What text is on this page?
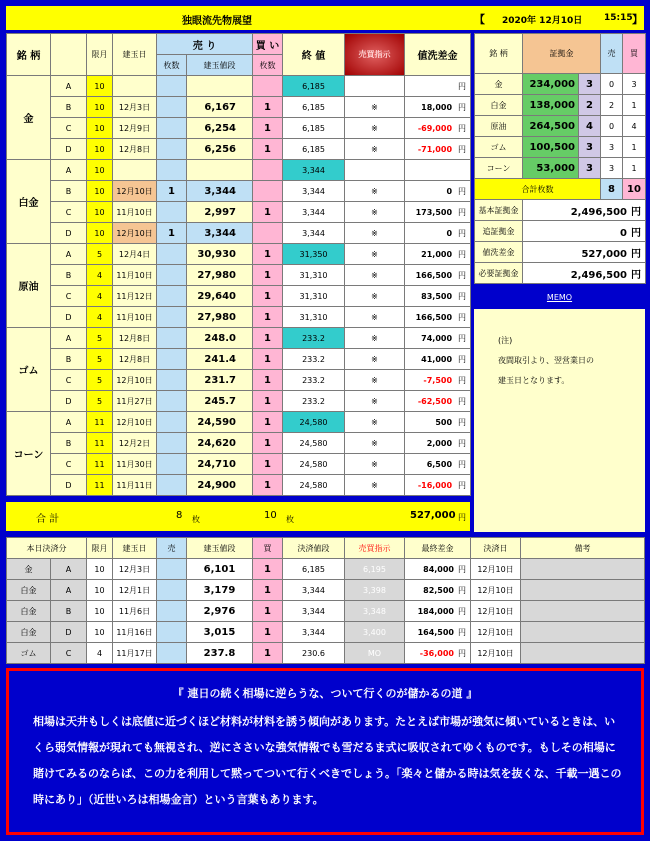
独眼流先物展望	【 2020年 12月10日 15:15 】
銘 柄		限月	建玉日	売 り		買 い	終 値	売買指示	値洗差金
				枚数	建玉値段	枚数			
金	A	10					6,185		円
	B	10	12月3日		6,167	1	6,185	※	18,000 円
	C	10	12月9日		6,254	1	6,185	※	-69,000 円
	D	10	12月8日		6,256	1	6,185	※	-71,000 円
白金	A	10					3,344		
	B	10	12月10日	1	3,344		3,344	※	0 円
	C	10	11月10日		2,997	1	3,344	※	173,500 円
	D	10	12月10日	1	3,344		3,344	※	0 円
原油	A	5	12月4日		30,930	1	31,350	※	21,000 円
	B	4	11月10日		27,980	1	31,310	※	166,500 円
	C	4	11月12日		29,640	1	31,310	※	83,500 円
	D	4	11月10日		27,980	1	31,310	※	166,500 円
ゴム	A	5	12月8日		248.0	1	233.2	※	74,000 円
	B	5	12月8日		241.4	1	233.2	※	41,000 円
	C	5	12月10日		231.7	1	233.2	※	-7,500 円
	D	5	11月27日		245.7	1	233.2	※	-62,500 円
コーン	A	11	12月10日		24,590	1	24,580	※	500 円
	B	11	12月2日		24,620	1	24,580	※	2,000 円
	C	11	11月30日		24,710	1	24,580	※	6,500 円
	D	11	11月11日		24,900	1	24,580	※	-16,000 円
合 計	8 枚	10 枚	527,000 円
銘 柄	証拠金		売	買
金	234,000	3	0	3
白金	138,000	2	2	1
原油	264,500	4	0	4
ゴム	100,500	3	3	1
コーン	53,000	3	3	1
合計枚数			8	10
基本証拠金	2,496,500 円			
追証拠金	0 円			
値洗差金	527,000 円			
必要証拠金	2,496,500 円			
MEMO

(注)

夜間取引より、翌営業日の

建玉日となります。

本日決済分		限月	建玉日	売	建玉値段	買	決済値段	売買指示	最終差金	決済日	備考
金	A	10	12月3日		6,101	1	6,185	6,195	84,000 円	12月10日	
白金	A	10	12月1日		3,179	1	3,344	3,398	82,500 円	12月10日	
白金	B	10	11月6日		2,976	1	3,344	3,348	184,000 円	12月10日	
白金	D	10	11月16日		3,015	1	3,344	3,400	164,500 円	12月10日	
ゴム	C	4	11月17日		237.8	1	230.6	MO	-36,000 円	12月10日	
『 連日の続く相場に逆らうな、ついて行くのが儲かるの道 』
相場は天井もしくは底値に近づくほど材料が材料を誘う傾向があります。たとえば市場が強気に傾いているときは、いくら弱気情報が現れても無視され、逆にささいな強気情報でも雪だるま式に吸収されてゆくものです。もしその相場に賭けてみるのならば、この力を利用して黙ってついて行くべきでしょう。「楽々と儲かる時は気を抜くな、千載一遇この時にあり」（近世いろは相場金言）という言葉もあります。
